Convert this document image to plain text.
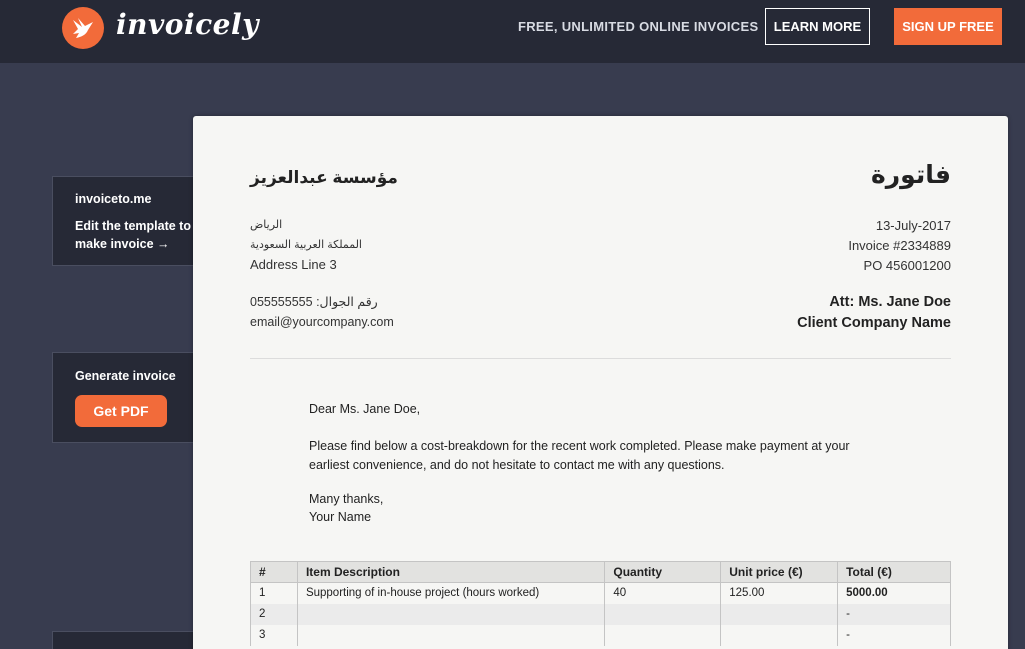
invoicely	FREE, UNLIMITED ONLINE INVOICES	LEARN MORE	SIGN UP FREE
invoiceto.me
Edit the template to make invoice →
Generate invoice
Get PDF
مؤسسة عبدالعزيز	فاتورة
الرياض
المملكة العربية السعودية
Address Line 3
055555555 رقم الجوال:
email@yourcompany.com
13-July-2017
Invoice #2334889
PO 456001200
Att: Ms. Jane Doe
Client Company Name
Dear Ms. Jane Doe,
Please find below a cost-breakdown for the recent work completed. Please make payment at your earliest convenience, and do not hesitate to contact me with any questions.
Many thanks,
Your Name
#	Item Description	Quantity	Unit price (€)	Total (€)
1	Supporting of in-house project (hours worked)	40	125.00	5000.00
2				-
3				-
